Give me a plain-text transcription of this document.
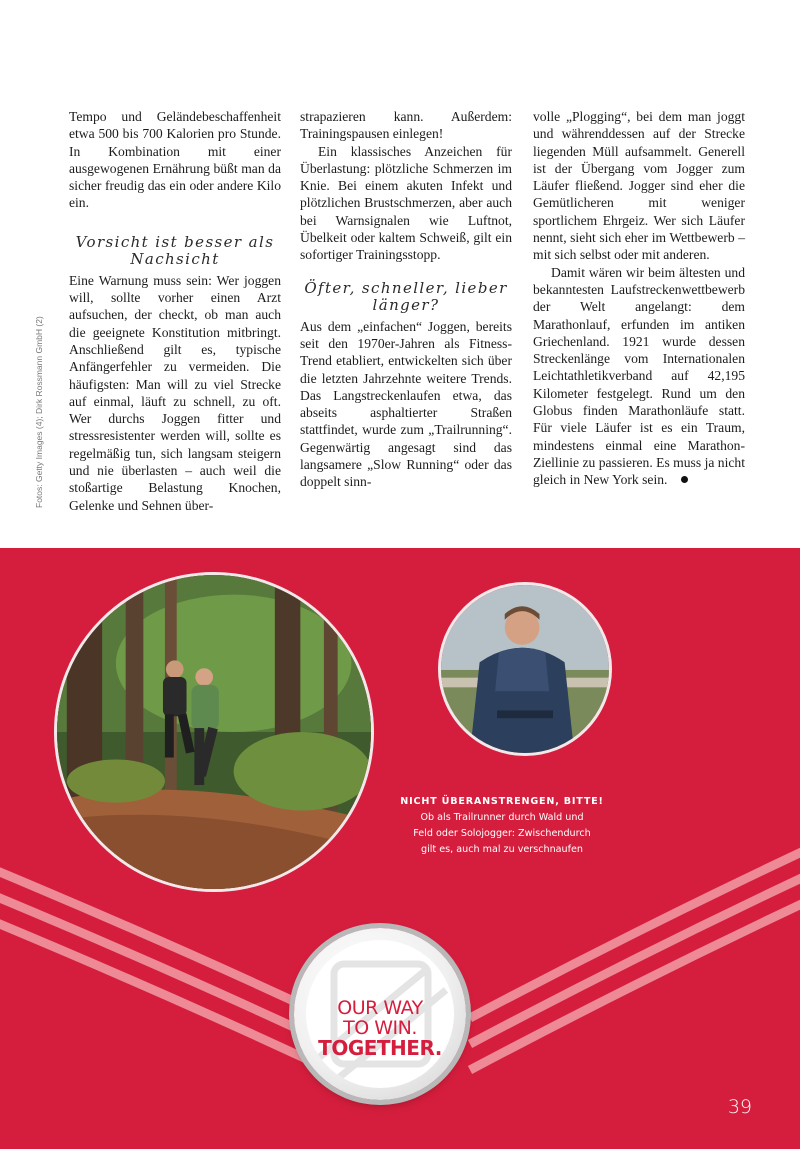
Fotos: Getty Images (4); Dirk Rossmann GmbH (2)

Tempo und Geländebeschaffenheit etwa 500 bis 700 Kalorien pro Stunde. In Kombination mit einer ausgewogenen Ernährung büßt man da sicher freudig das ein oder andere Kilo ein.

Vorsicht ist besser als Nachsicht

Eine Warnung muss sein: Wer joggen will, sollte vorher einen Arzt aufsuchen, der checkt, ob man auch die geeignete Konstitution mitbringt. Anschließend gilt es, typische Anfängerfehler zu vermeiden. Die häufigsten: Man will zu viel Strecke auf einmal, läuft zu schnell, zu oft. Wer durchs Joggen fitter und stressresistenter werden will, sollte es regelmäßig tun, sich langsam steigern und nie überlasten – auch weil die stoßartige Belastung Knochen, Gelenke und Sehnen über-

strapazieren kann. Außerdem: Trainingspausen einlegen!

Ein klassisches Anzeichen für Überlastung: plötzliche Schmerzen im Knie. Bei einem akuten Infekt und plötzlichen Brustschmerzen, aber auch bei Warnsignalen wie Luftnot, Übelkeit oder kaltem Schweiß, gilt ein sofortiger Trainingsstopp.

Öfter, schneller, lieber länger?

Aus dem „einfachen“ Joggen, bereits seit den 1970er-Jahren als Fitness-Trend etabliert, entwickelten sich über die letzten Jahrzehnte weitere Trends. Das Langstreckenlaufen etwa, das abseits asphaltierter Straßen stattfindet, wurde zum „Trailrunning“. Gegenwärtig angesagt sind das langsamere „Slow Running“ oder das doppelt sinn-

volle „Plogging“, bei dem man joggt und währenddessen auf der Strecke liegenden Müll aufsammelt. Generell ist der Übergang vom Jogger zum Läufer fließend. Jogger sind eher die Gemütlicheren mit weniger sportlichem Ehrgeiz. Wer sich Läufer nennt, sieht sich eher im Wettbewerb – mit sich selbst oder mit anderen.

Damit wären wir beim ältesten und bekanntesten Laufstreckenwettbewerb der Welt angelangt: dem Marathonlauf, erfunden im antiken Griechenland. 1921 wurde dessen Streckenlänge vom Internationalen Leichtathletikverband auf 42,195 Kilometer festgelegt. Rund um den Globus finden Marathonläufe statt. Für viele Läufer ist es ein Traum, mindestens einmal eine Marathon-Ziellinie zu passieren. Es muss ja nicht gleich in New York sein.

NICHT ÜBERANSTRENGEN, BITTE!
Ob als Trailrunner durch Wald und
Feld oder Solojogger: Zwischendurch
gilt es, auch mal zu verschnaufen
OUR WAY
TO WIN.
TOGETHER.
39
